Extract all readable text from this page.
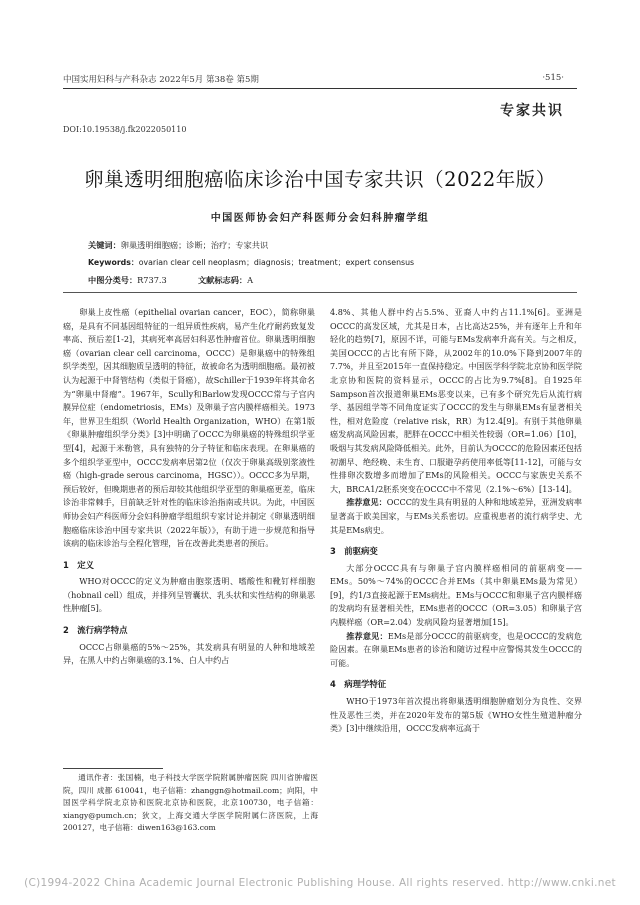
中国实用妇科与产科杂志 2022年5月 第38卷 第5期	·515·
专家共识
DOI:10.19538/j.fk2022050110
卵巢透明细胞癌临床诊治中国专家共识（2022年版）
中国医师协会妇产科医师分会妇科肿瘤学组
关键词：卵巢透明细胞癌；诊断；治疗；专家共识
Keywords：ovarian clear cell neoplasm；diagnosis；treatment；expert consensus
中图分类号：R737.3	文献标志码：A

卵巢上皮性癌（epithelial ovarian cancer，EOC），简称卵巢癌，是具有不同基因组特征的一组异质性疾病，易产生化疗耐药致复发率高、预后差[1-2]，其病死率高居妇科恶性肿瘤首位。卵巢透明细胞癌（ovarian clear cell carcinoma，OCCC）是卵巢癌中的特殊组织学类型，因其细胞质呈透明的特征，故被命名为透明细胞癌。最初被认为起源于中肾管结构（类似于肾癌），故Schiller于1939年将其命名为“卵巢中肾瘤”。1967年，Scully和Barlow发现OCCC常与子宫内膜异位症（endometriosis，EMs）及卵巢子宫内膜样癌相关。1973年，世界卫生组织（World Health Organization，WHO）在第1版《卵巢肿瘤组织学分类》[3]中明确了OCCC为卵巢癌的特殊组织学亚型[4]，起源于米勒管，具有独特的分子特征和临床表现。在卵巢癌的多个组织学亚型中，OCCC发病率居第2位（仅次于卵巢高级别浆液性癌（high-grade serous carcinoma，HGSC））。OCCC多为早期，预后较好，但晚期患者的预后却较其他组织学亚型的卵巢癌更差，临床诊治非常棘手，目前缺乏针对性的临床诊治指南或共识。为此，中国医师协会妇产科医师分会妇科肿瘤学组组织专家讨论并制定《卵巢透明细胞癌临床诊治中国专家共识（2022年版）》，有助于进一步规范和指导该病的临床诊治与全程化管理，旨在改善此类患者的预后。

1　定义

WHO对OCCC的定义为肿瘤由胞浆透明、嗜酸性和靴钉样细胞（hobnail cell）组成，并排列呈管囊状、乳头状和实性结构的卵巢恶性肿瘤[5]。

2　流行病学特点

OCCC占卵巢癌的5%～25%，其发病具有明显的人种和地域差异，在黑人中约占卵巢癌的3.1%、白人中约占

通讯作者：张国楠，电子科技大学医学院附属肿瘤医院 四川省肿瘤医院，四川 成都 610041，电子信箱：zhanggn@hotmail.com；向阳，中国医学科学院北京协和医院北京协和医院，北京100730，电子信箱：xiangy@pumch.cn；狄文，上海交通大学医学院附属仁济医院，上海 200127，电子信箱：diwen163@163.com

4.8%、其他人群中约占5.5%、亚裔人中约占11.1%[6]。亚洲是OCCC的高发区域，尤其是日本，占比高达25%，并有逐年上升和年轻化的趋势[7]，原因不详，可能与EMs发病率升高有关。与之相反，美国OCCC的占比有所下降，从2002年的10.0%下降到2007年的7.7%，并且至2015年一直保持稳定。中国医学科学院北京协和医学院北京协和医院的资料显示，OCCC的占比为9.7%[8]。自1925年Sampson首次报道卵巢EMs恶变以来，已有多个研究先后从流行病学、基因组学等不同角度证实了OCCC的发生与卵巢EMs有显著相关性，相对危险度（relative risk，RR）为12.4[9]。有别于其他卵巢癌发病高风险因素，肥胖在OCCC中相关性较弱（OR=1.06）[10]，吸烟与其发病风险降低相关。此外，目前认为OCCC的危险因素还包括初潮早、绝经晚、未生育、口服避孕药使用率低等[11-12]，可能与女性排卵次数增多而增加了EMs的风险相关。OCCC与家族史关系不大，BRCA1/2胚系突变在OCCC中不常见（2.1%～6%）[13-14]。

推荐意见：OCCC的发生具有明显的人种和地域差异，亚洲发病率显著高于欧美国家，与EMs关系密切。应重视患者的流行病学史、尤其是EMs病史。

3　前驱病变

大部分OCCC具有与卵巢子宫内膜样癌相同的前驱病变——EMs。50%～74%的OCCC合并EMs（其中卵巢EMs最为常见）[9]，约1/3直接起源于EMs病灶。EMs与OCCC和卵巢子宫内膜样癌的发病均有显著相关性，EMs患者的OCCC（OR=3.05）和卵巢子宫内膜样癌（OR=2.04）发病风险均显著增加[15]。

推荐意见：EMs是部分OCCC的前驱病变，也是OCCC的发病危险因素。在卵巢EMs患者的诊治和随访过程中应警惕其发生OCCC的可能。

4　病理学特征

WHO于1973年首次提出将卵巢透明细胞肿瘤划分为良性、交界性及恶性三类，并在2020年发布的第5版《WHO女性生殖道肿瘤分类》[3]中继续沿用，OCCC发病率远高于

(C)1994-2022 China Academic Journal Electronic Publishing House. All rights reserved. http://www.cnki.net
